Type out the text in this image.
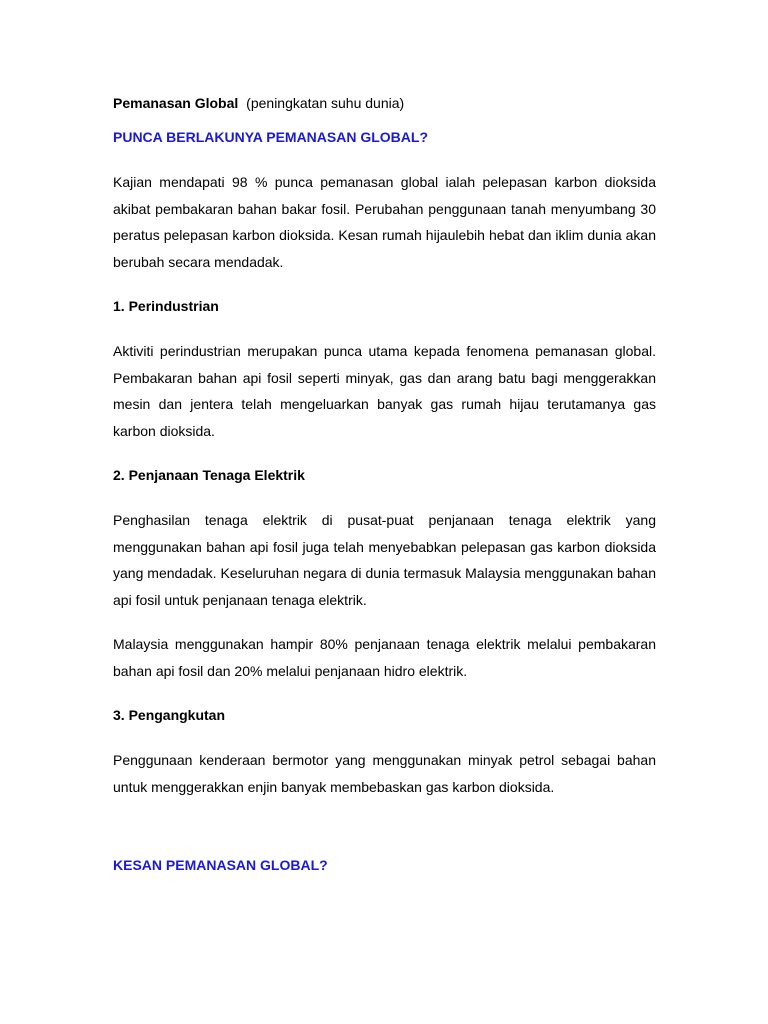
Pemanasan Global (peningkatan suhu dunia)
PUNCA BERLAKUNYA PEMANASAN GLOBAL?

Kajian mendapati 98 % punca pemanasan global ialah pelepasan karbon dioksida akibat pembakaran bahan bakar fosil. Perubahan penggunaan tanah menyumbang 30 peratus pelepasan karbon dioksida. Kesan rumah hijaulebih hebat dan iklim dunia akan berubah secara mendadak.

1. Perindustrian

Aktiviti perindustrian merupakan punca utama kepada fenomena pemanasan global. Pembakaran bahan api fosil seperti minyak, gas dan arang batu bagi menggerakkan mesin dan jentera telah mengeluarkan banyak gas rumah hijau terutamanya gas karbon dioksida.

2. Penjanaan Tenaga Elektrik

Penghasilan tenaga elektrik di pusat-puat penjanaan tenaga elektrik yang menggunakan bahan api fosil juga telah menyebabkan pelepasan gas karbon dioksida yang mendadak. Keseluruhan negara di dunia termasuk Malaysia menggunakan bahan api fosil untuk penjanaan tenaga elektrik.

Malaysia menggunakan hampir 80% penjanaan tenaga elektrik melalui pembakaran bahan api fosil dan 20% melalui penjanaan hidro elektrik.

3. Pengangkutan

Penggunaan kenderaan bermotor yang menggunakan minyak petrol sebagai bahan untuk menggerakkan enjin banyak membebaskan gas karbon dioksida.

KESAN PEMANASAN GLOBAL?
